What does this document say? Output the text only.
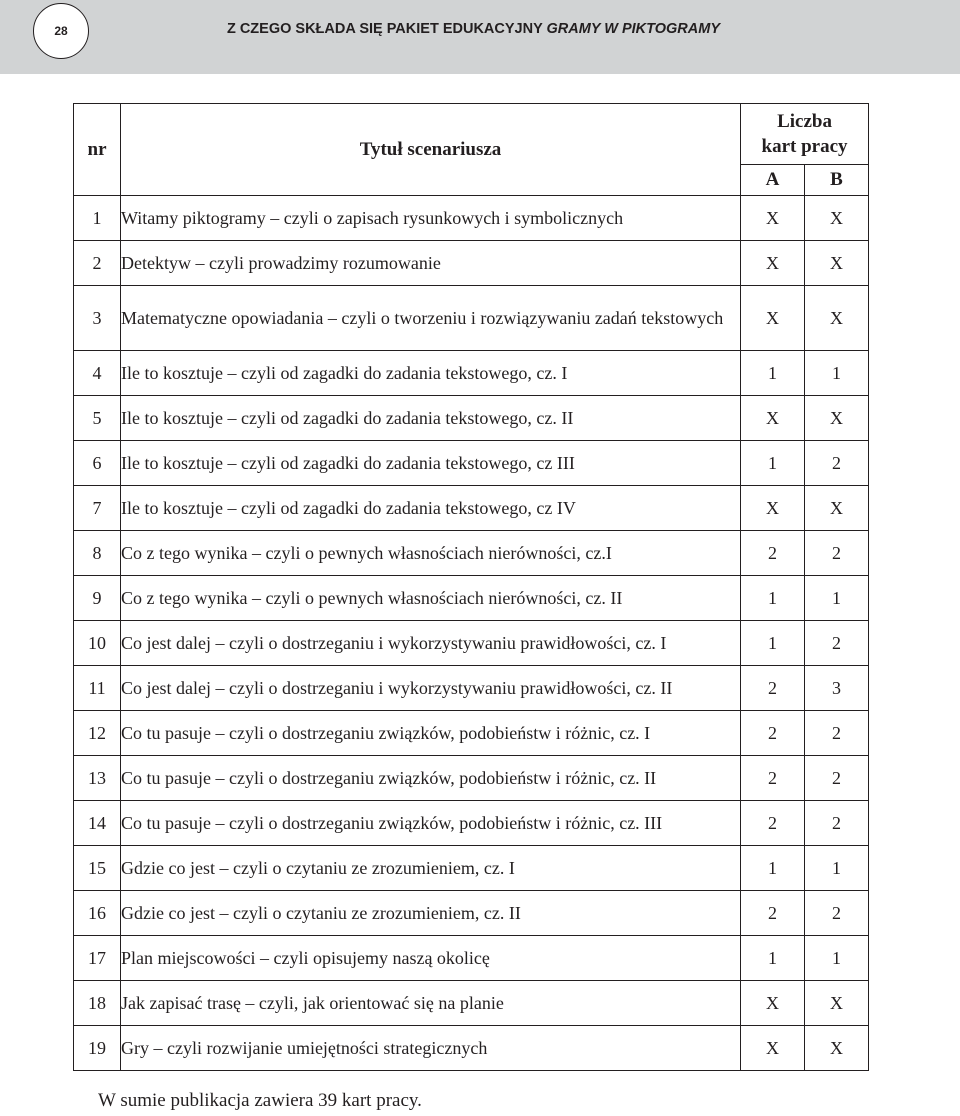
28	Z CZEGO SKŁADA SIĘ PAKIET EDUKACYJNY GRAMY W PIKTOGRAMY
nr	Tytuł scenariusza	Liczba
kart pracy	
		A	B
1	Witamy piktogramy – czyli o zapisach rysunkowych i symbolicznych	X	X
2	Detektyw – czyli prowadzimy rozumowanie	X	X
3	Matematyczne opowiadania – czyli o tworzeniu i rozwiązywaniu zadań tekstowych	X	X
4	Ile to kosztuje – czyli od zagadki do zadania tekstowego, cz. I	1	1
5	Ile to kosztuje – czyli od zagadki do zadania tekstowego, cz. II	X	X
6	Ile to kosztuje – czyli od zagadki do zadania tekstowego, cz III	1	2
7	Ile to kosztuje – czyli od zagadki do zadania tekstowego, cz IV	X	X
8	Co z tego wynika – czyli o pewnych własnościach nierówności, cz.I	2	2
9	Co z tego wynika – czyli o pewnych własnościach nierówności, cz. II	1	1
10	Co jest dalej – czyli o dostrzeganiu i wykorzystywaniu prawidłowości, cz. I	1	2
11	Co jest dalej – czyli o dostrzeganiu i wykorzystywaniu prawidłowości, cz. II	2	3
12	Co tu pasuje – czyli o dostrzeganiu związków, podobieństw i różnic, cz. I	2	2
13	Co tu pasuje – czyli o dostrzeganiu związków, podobieństw i różnic, cz. II	2	2
14	Co tu pasuje – czyli o dostrzeganiu związków, podobieństw i różnic, cz. III	2	2
15	Gdzie co jest – czyli o czytaniu ze zrozumieniem, cz. I	1	1
16	Gdzie co jest – czyli o czytaniu ze zrozumieniem, cz. II	2	2
17	Plan miejscowości – czyli opisujemy naszą okolicę	1	1
18	Jak zapisać trasę – czyli, jak orientować się na planie	X	X
19	Gry – czyli rozwijanie umiejętności strategicznych	X	X
W sumie publikacja zawiera 39 kart pracy.
